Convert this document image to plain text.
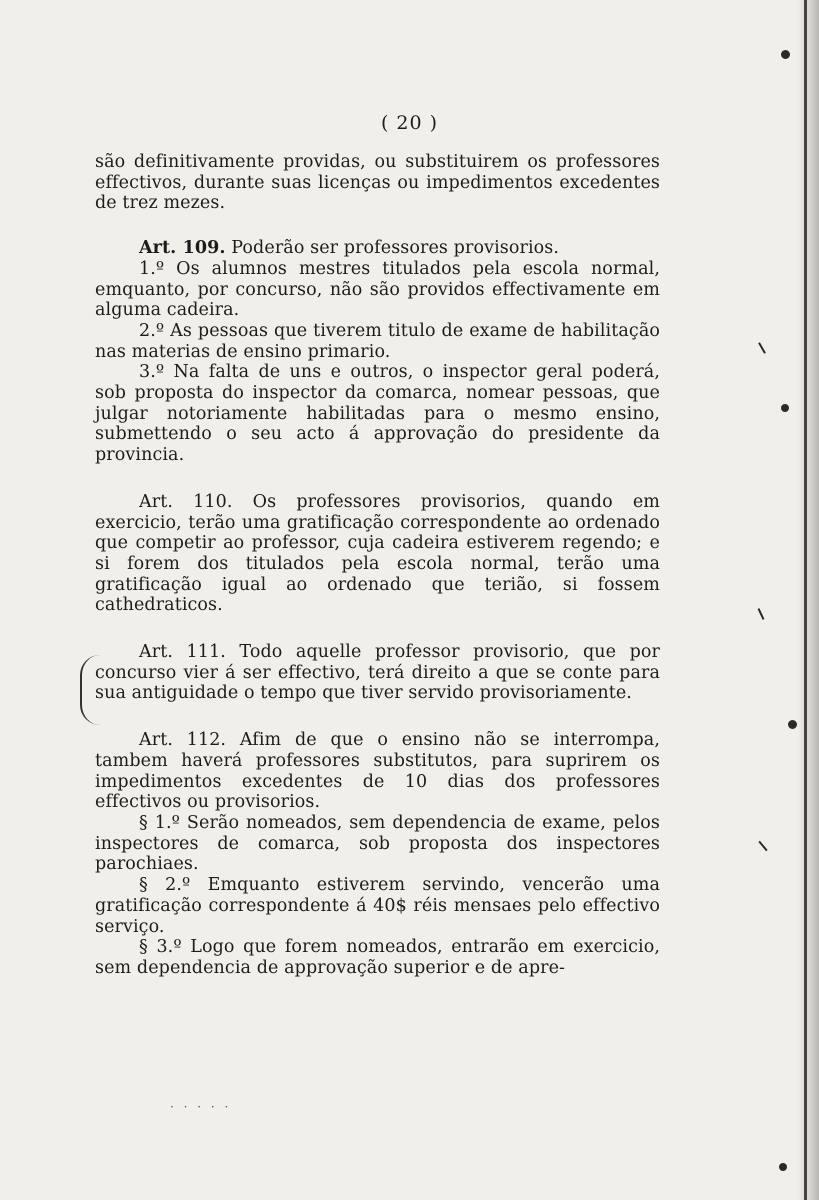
( 20 )
· · · · ·

são definitivamente providas, ou substituirem os professores effectivos, durante suas licenças ou impedimentos excedentes de trez mezes.

Art. 109. Poderão ser professores provisorios.

1.º Os alumnos mestres titulados pela escola normal, emquanto, por concurso, não são providos effectivamente em alguma cadeira.

2.º As pessoas que tiverem titulo de exame de habilitação nas materias de ensino primario.

3.º Na falta de uns e outros, o inspector geral poderá, sob proposta do inspector da comarca, nomear pessoas, que julgar notoriamente habilitadas para o mesmo ensino, submettendo o seu acto á approvação do presidente da provincia.

Art. 110. Os professores provisorios, quando em exercicio, terão uma gratificação correspondente ao ordenado que competir ao professor, cuja cadeira estiverem regendo; e si forem dos titulados pela escola normal, terão uma gratificação igual ao ordenado que terião, si fossem cathedraticos.

Art. 111. Todo aquelle professor provisorio, que por concurso vier á ser effectivo, terá direito a que se conte para sua antiguidade o tempo que tiver servido provisoriamente.

Art. 112. Afim de que o ensino não se interrompa, tambem haverá professores substitutos, para suprirem os impedimentos excedentes de 10 dias dos professores effectivos ou provisorios.

§ 1.º Serão nomeados, sem dependencia de exame, pelos inspectores de comarca, sob proposta dos inspectores parochiaes.

§ 2.º Emquanto estiverem servindo, vencerão uma gratificação correspondente á 40$ réis mensaes pelo effectivo serviço.

§ 3.º Logo que forem nomeados, entrarão em exercicio, sem dependencia de approvação superior e de apre-
